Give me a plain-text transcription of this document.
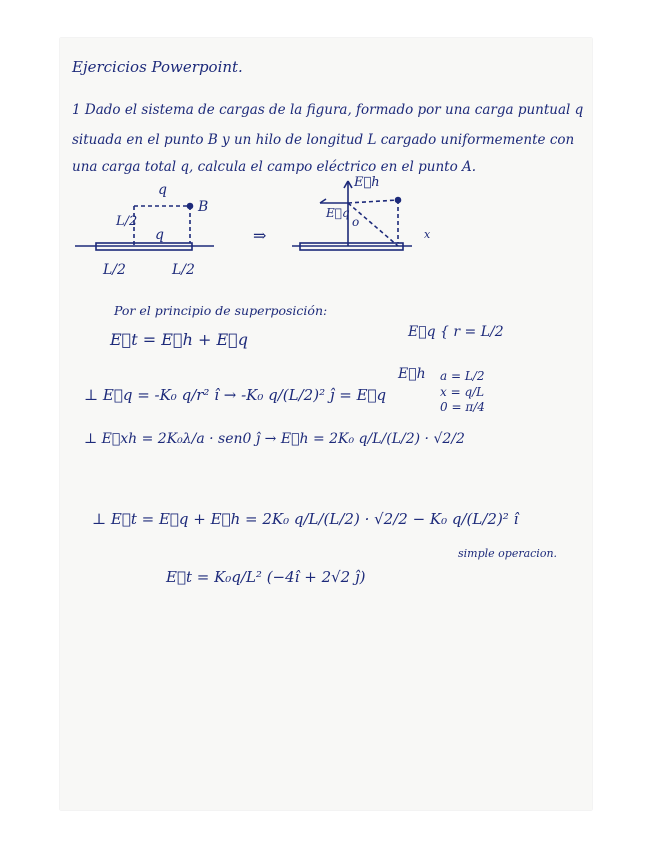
Ejercicios Powerpoint.
1 Dado el sistema de cargas de la figura, formado por una carga puntual q
situada en el punto B y un hilo de longitud L cargado uniformemente con
una carga total q, calcula el campo eléctrico en el punto A.
q
B
L/2
q
L/2	L/2
⇒
E⃗h
E⃗q
o
x
Por el principio de superposición:
E⃗t = E⃗h + E⃗q	E⃗q { r = L/2
E⃗h a = L/2
x = q/L
0 = π/4
⊥ E⃗q = -K₀ q/r² î → -K₀ q/(L/2)² ĵ = E⃗q
⊥ E⃗xh = 2K₀λ/a · sen0 ĵ → E⃗h = 2K₀ q/L/(L/2) · √2/2
⊥ E⃗t = E⃗q + E⃗h = 2K₀ q/L/(L/2) · √2/2 − K₀ q/(L/2)² î
simple operacion.
E⃗t = K₀q/L² (−4î + 2√2 ĵ)
